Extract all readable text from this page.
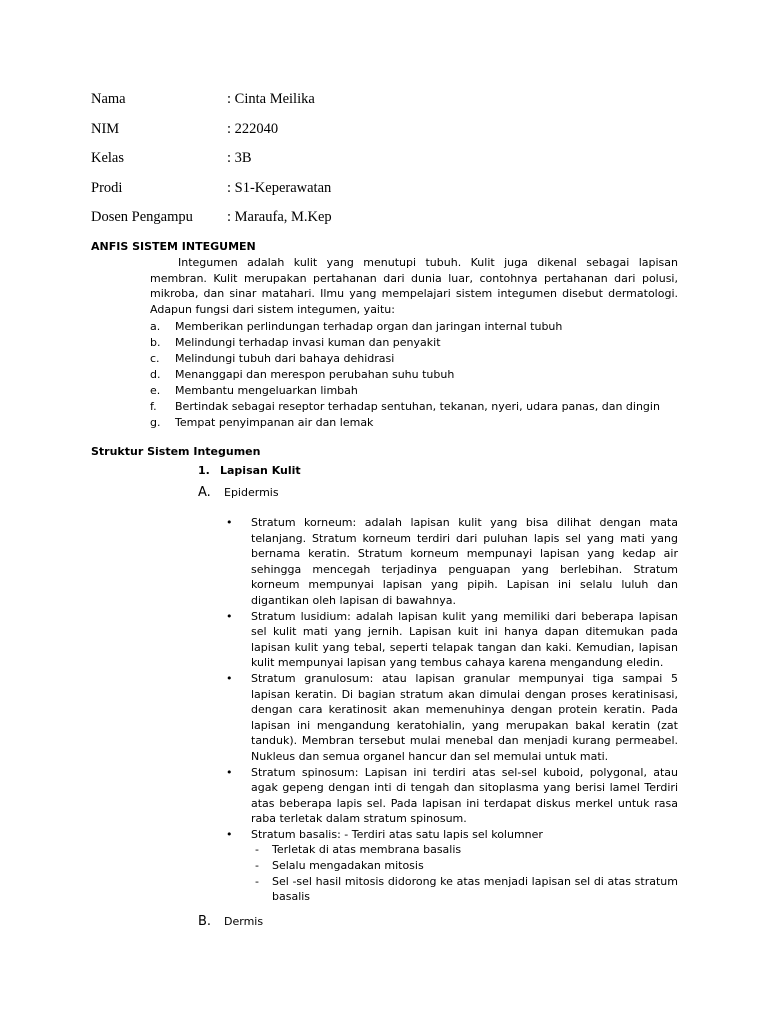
Nama	: Cinta Meilika
NIM	: 222040
Kelas	: 3B
Prodi	: S1-Keperawatan
Dosen Pengampu : Maraufa, M.Kep
ANFIS SISTEM INTEGUMEN

Integumen adalah kulit yang menutupi tubuh. Kulit juga dikenal sebagai lapisan membran. Kulit merupakan pertahanan dari dunia luar, contohnya pertahanan dari polusi, mikroba, dan sinar matahari. Ilmu yang mempelajari sistem integumen disebut dermatologi. Adapun fungsi dari sistem integumen, yaitu:

a. Memberikan perlindungan terhadap organ dan jaringan internal tubuh
b. Melindungi terhadap invasi kuman dan penyakit
c. Melindungi tubuh dari bahaya dehidrasi
d. Menanggapi dan merespon perubahan suhu tubuh
e. Membantu mengeluarkan limbah
f. Bertindak sebagai reseptor terhadap sentuhan, tekanan, nyeri, udara panas, dan dingin
g. Tempat penyimpanan air dan lemak
Struktur Sistem Integumen
1. Lapisan Kulit
A. Epidermis
• Stratum korneum: adalah lapisan kulit yang bisa dilihat dengan mata telanjang. Stratum korneum terdiri dari puluhan lapis sel yang mati yang bernama keratin. Stratum korneum mempunayi lapisan yang kedap air sehingga mencegah terjadinya penguapan yang berlebihan. Stratum korneum mempunyai lapisan yang pipih. Lapisan ini selalu luluh dan digantikan oleh lapisan di bawahnya.
• Stratum lusidium: adalah lapisan kulit yang memiliki dari beberapa lapisan sel kulit mati yang jernih. Lapisan kuit ini hanya dapan ditemukan pada lapisan kulit yang tebal, seperti telapak tangan dan kaki. Kemudian, lapisan kulit mempunyai lapisan yang tembus cahaya karena mengandung eledin.
• Stratum granulosum: atau lapisan granular mempunyai tiga sampai 5 lapisan keratin. Di bagian stratum akan dimulai dengan proses keratinisasi, dengan cara keratinosit akan memenuhinya dengan protein keratin. Pada lapisan ini mengandung keratohialin, yang merupakan bakal keratin (zat tanduk). Membran tersebut mulai menebal dan menjadi kurang permeabel. Nukleus dan semua organel hancur dan sel memulai untuk mati.
• Stratum spinosum: Lapisan ini terdiri atas sel-sel kuboid, polygonal, atau agak gepeng dengan inti di tengah dan sitoplasma yang berisi lamel Terdiri atas beberapa lapis sel. Pada lapisan ini terdapat diskus merkel untuk rasa raba terletak dalam stratum spinosum.
• Stratum basalis: - Terdiri atas satu lapis sel kolumner
- Terletak di atas membrana basalis
- Selalu mengadakan mitosis
- Sel -sel hasil mitosis didorong ke atas menjadi lapisan sel di atas stratum basalis
B. Dermis
